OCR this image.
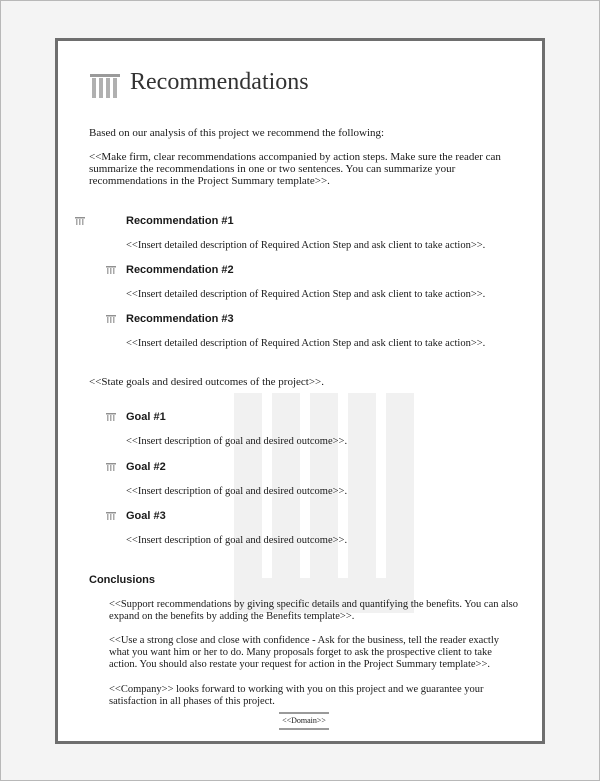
Recommendations

Based on our analysis of this project we recommend the following:

<<Make firm, clear recommendations accompanied by action steps. Make sure the reader can summarize the recommendations in one or two sentences. You can summarize your recommendations in the Project Summary template>>.

Recommendation #1
<<Insert detailed description of Required Action Step and ask client to take action>>.
Recommendation #2
<<Insert detailed description of Required Action Step and ask client to take action>>.
Recommendation #3
<<Insert detailed description of Required Action Step and ask client to take action>>.
<<State goals and desired outcomes of the project>>.
Goal #1
<<Insert description of goal and desired outcome>>.
Goal #2
<<Insert description of goal and desired outcome>>.
Goal #3
<<Insert description of goal and desired outcome>>.
Conclusions
<<Support recommendations by giving specific details and quantifying the benefits. You can also expand on the benefits by adding the Benefits template>>.
<<Use a strong close and close with confidence - Ask for the business, tell the reader exactly what you want him or her to do. Many proposals forget to ask the prospective client to take action. You should also restate your request for action in the Project Summary template>>.
<<Company>> looks forward to working with you on this project and we guarantee your satisfaction in all phases of this project.
<<Domain>>
